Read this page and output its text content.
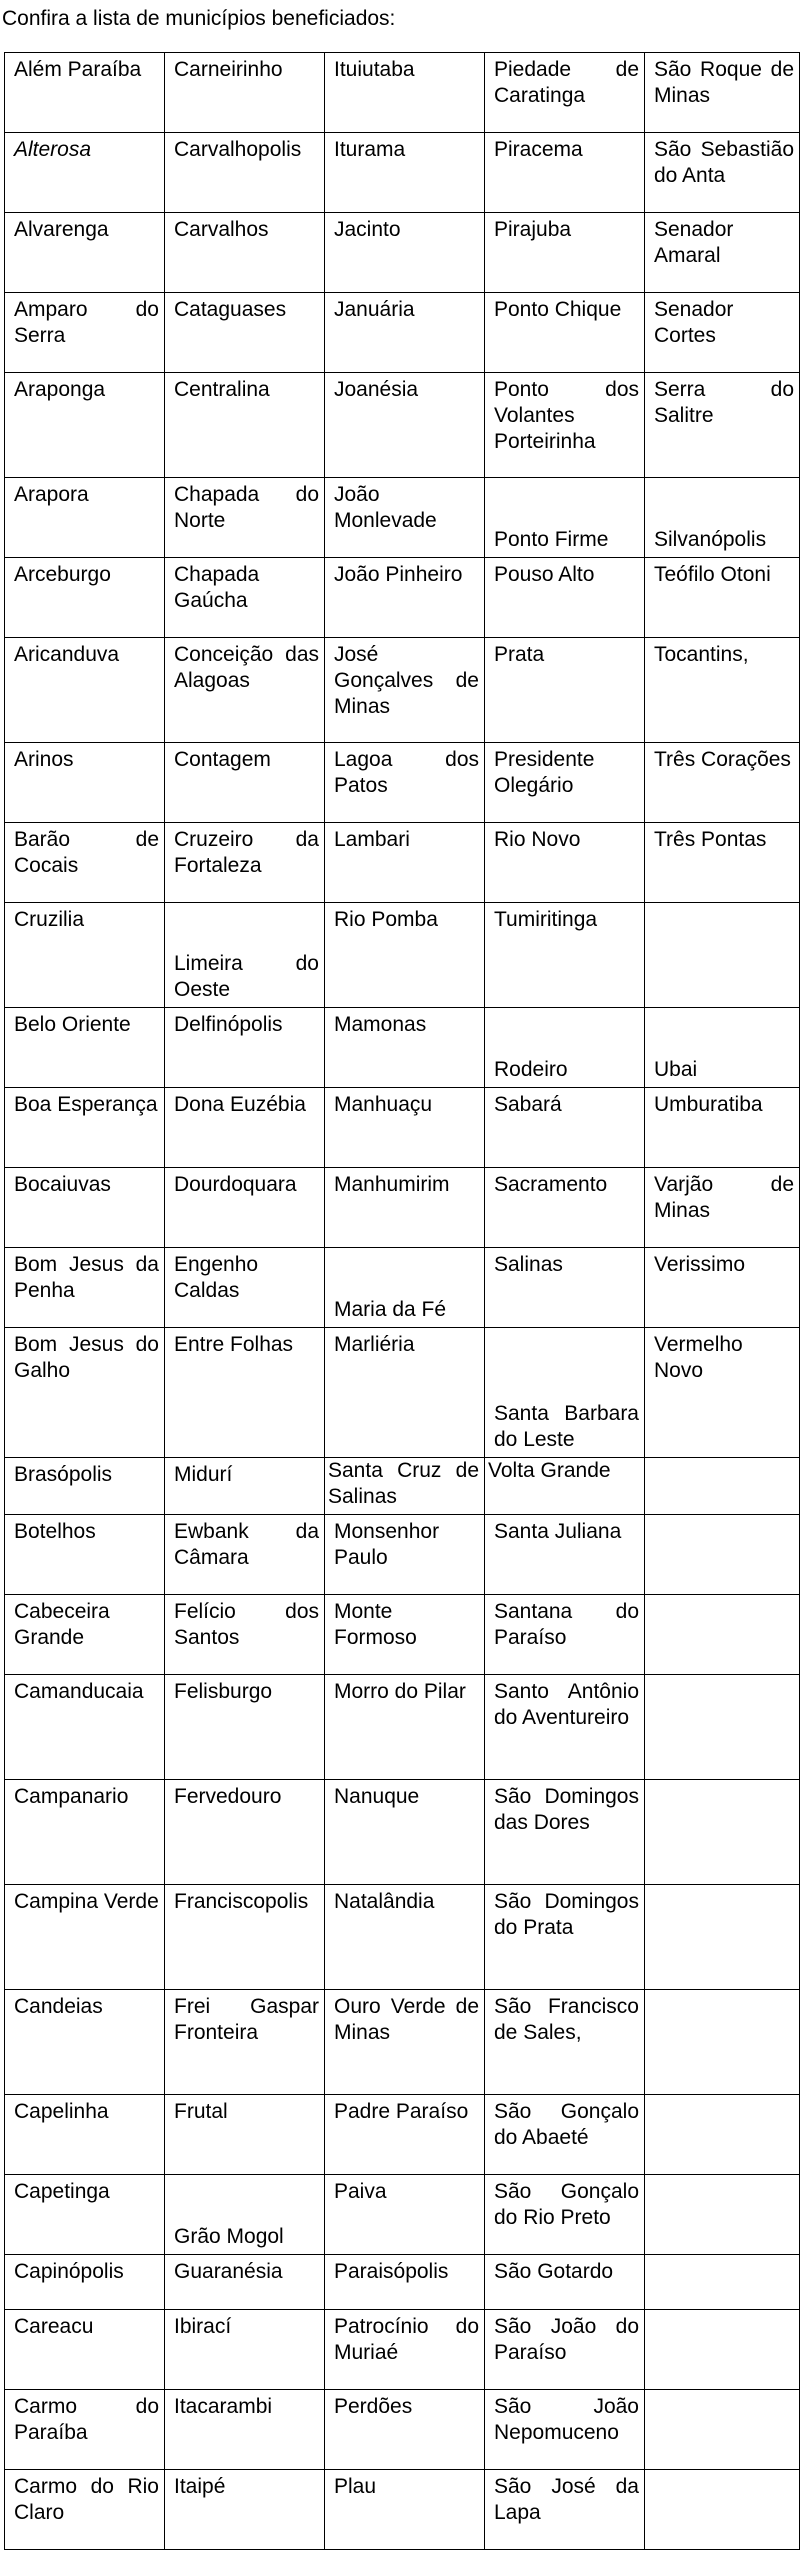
Confira a lista de municípios beneficiados:
Além Paraíba	Carneirinho	Ituiutaba	Piedade de Caratinga	São Roque de Minas
Alterosa	Carvalhopolis	Iturama	Piracema	São Sebastião do Anta
Alvarenga	Carvalhos	Jacinto	Pirajuba	Senador Amaral
Amparo do Serra	Cataguases	Januária	Ponto Chique	Senador Cortes
Araponga	Centralina	Joanésia	Ponto dos Volantes Porteirinha	Serra do Salitre
Arapora	Chapada do Norte	João Monlevade	Ponto Firme	Silvanópolis
Arceburgo	Chapada Gaúcha	João Pinheiro	Pouso Alto	Teófilo Otoni
Aricanduva	Conceição das Alagoas	José Gonçalves de Minas	Prata	Tocantins,
Arinos	Contagem	Lagoa dos Patos	Presidente Olegário	Três Corações
Barão de Cocais	Cruzeiro da Fortaleza	Lambari	Rio Novo	Três Pontas
Cruzilia	Limeira do Oeste	Rio Pomba	Tumiritinga	
Belo Oriente	Delfinópolis	Mamonas	Rodeiro	Ubai
Boa Esperança	Dona Euzébia	Manhuaçu	Sabará	Umburatiba
Bocaiuvas	Dourdoquara	Manhumirim	Sacramento	Varjão de Minas
Bom Jesus da Penha	Engenho Caldas	Maria da Fé	Salinas	Verissimo
Bom Jesus do Galho	Entre Folhas	Marliéria	Santa Barbara do Leste	Vermelho Novo
Brasópolis	Midurí	Santa Cruz de Salinas	Volta Grande	
Botelhos	Ewbank da Câmara	Monsenhor Paulo	Santa Juliana	
Cabeceira Grande	Felício dos Santos	Monte Formoso	Santana do Paraíso	
Camanducaia	Felisburgo	Morro do Pilar	Santo Antônio do Aventureiro	
Campanario	Fervedouro	Nanuque	São Domingos das Dores	
Campina Verde	Franciscopolis	Natalândia	São Domingos do Prata	
Candeias	Frei Gaspar Fronteira	Ouro Verde de Minas	São Francisco de Sales,	
Capelinha	Frutal	Padre Paraíso	São Gonçalo do Abaeté	
Capetinga	Grão Mogol	Paiva	São Gonçalo do Rio Preto	
Capinópolis	Guaranésia	Paraisópolis	São Gotardo	
Careacu	Ibirací	Patrocínio do Muriaé	São João do Paraíso	
Carmo do Paraíba	Itacarambi	Perdões	São João Nepomuceno	
Carmo do Rio Claro	Itaipé	Plau	São José da Lapa	
